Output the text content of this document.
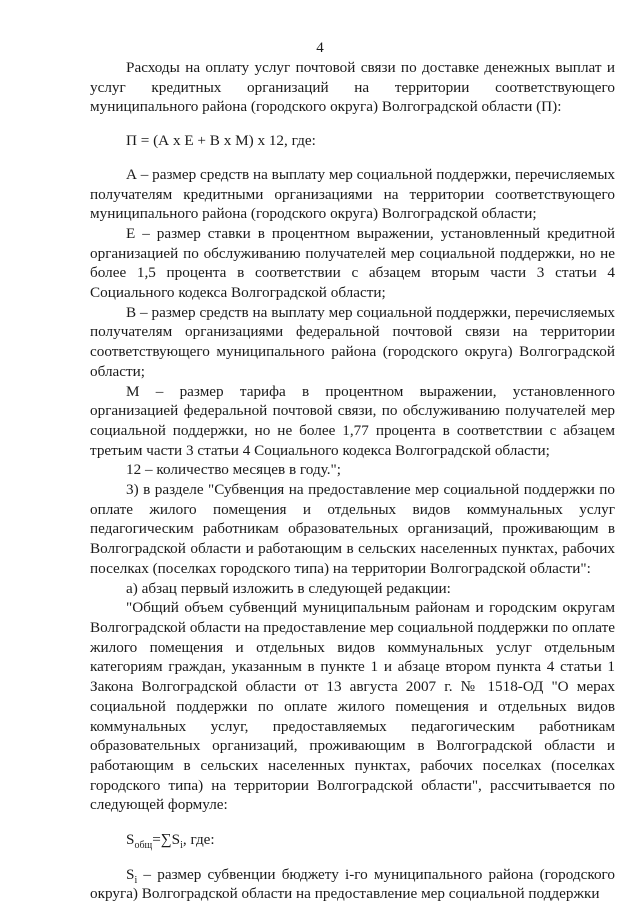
4

Расходы на оплату услуг почтовой связи по доставке денежных выплат и услуг кредитных организаций на территории соответствующего муниципального района (городского округа) Волгоградской области (П):

П = (А х Е + В х М) х 12, где:

А – размер средств на выплату мер социальной поддержки, перечисляемых получателям кредитными организациями на территории соответствующего муниципального района (городского округа) Волгоградской области;

Е – размер ставки в процентном выражении, установленный кредитной организацией по обслуживанию получателей мер социальной поддержки, но не более 1,5 процента в соответствии с абзацем вторым части 3 статьи 4 Социального кодекса Волгоградской области;

В – размер средств на выплату мер социальной поддержки, перечисляемых получателям организациями федеральной почтовой связи на территории соответствующего муниципального района (городского округа) Волгоградской области;

М – размер тарифа в процентном выражении, установленного организацией федеральной почтовой связи, по обслуживанию получателей мер социальной поддержки, но не более 1,77 процента в соответствии с абзацем третьим части 3 статьи 4 Социального кодекса Волгоградской области;

12 – количество месяцев в году.";

3) в разделе "Субвенция на предоставление мер социальной поддержки по оплате жилого помещения и отдельных видов коммунальных услуг педагогическим работникам образовательных организаций, проживающим в Волгоградской области и работающим в сельских населенных пунктах, рабочих поселках (поселках городского типа) на территории Волгоградской области":

а) абзац первый изложить в следующей редакции:

"Общий объем субвенций муниципальным районам и городским округам Волгоградской области на предоставление мер социальной поддержки по оплате жилого помещения и отдельных видов коммунальных услуг отдельным категориям граждан, указанным в пункте 1 и абзаце втором пункта 4 статьи 1 Закона Волгоградской области от 13 августа 2007 г. № 1518-ОД "О мерах социальной поддержки по оплате жилого помещения и отдельных видов коммунальных услуг, предоставляемых педагогическим работникам образовательных организаций, проживающим в Волгоградской области и работающим в сельских населенных пунктах, рабочих поселках (поселках городского типа) на территории Волгоградской области", рассчитывается по следующей формуле:

$S_{общ}=\sum S_i$, где:

$S_i$ – размер субвенции бюджету i-го муниципального района (городского округа) Волгоградской области на предоставление мер социальной поддержки
